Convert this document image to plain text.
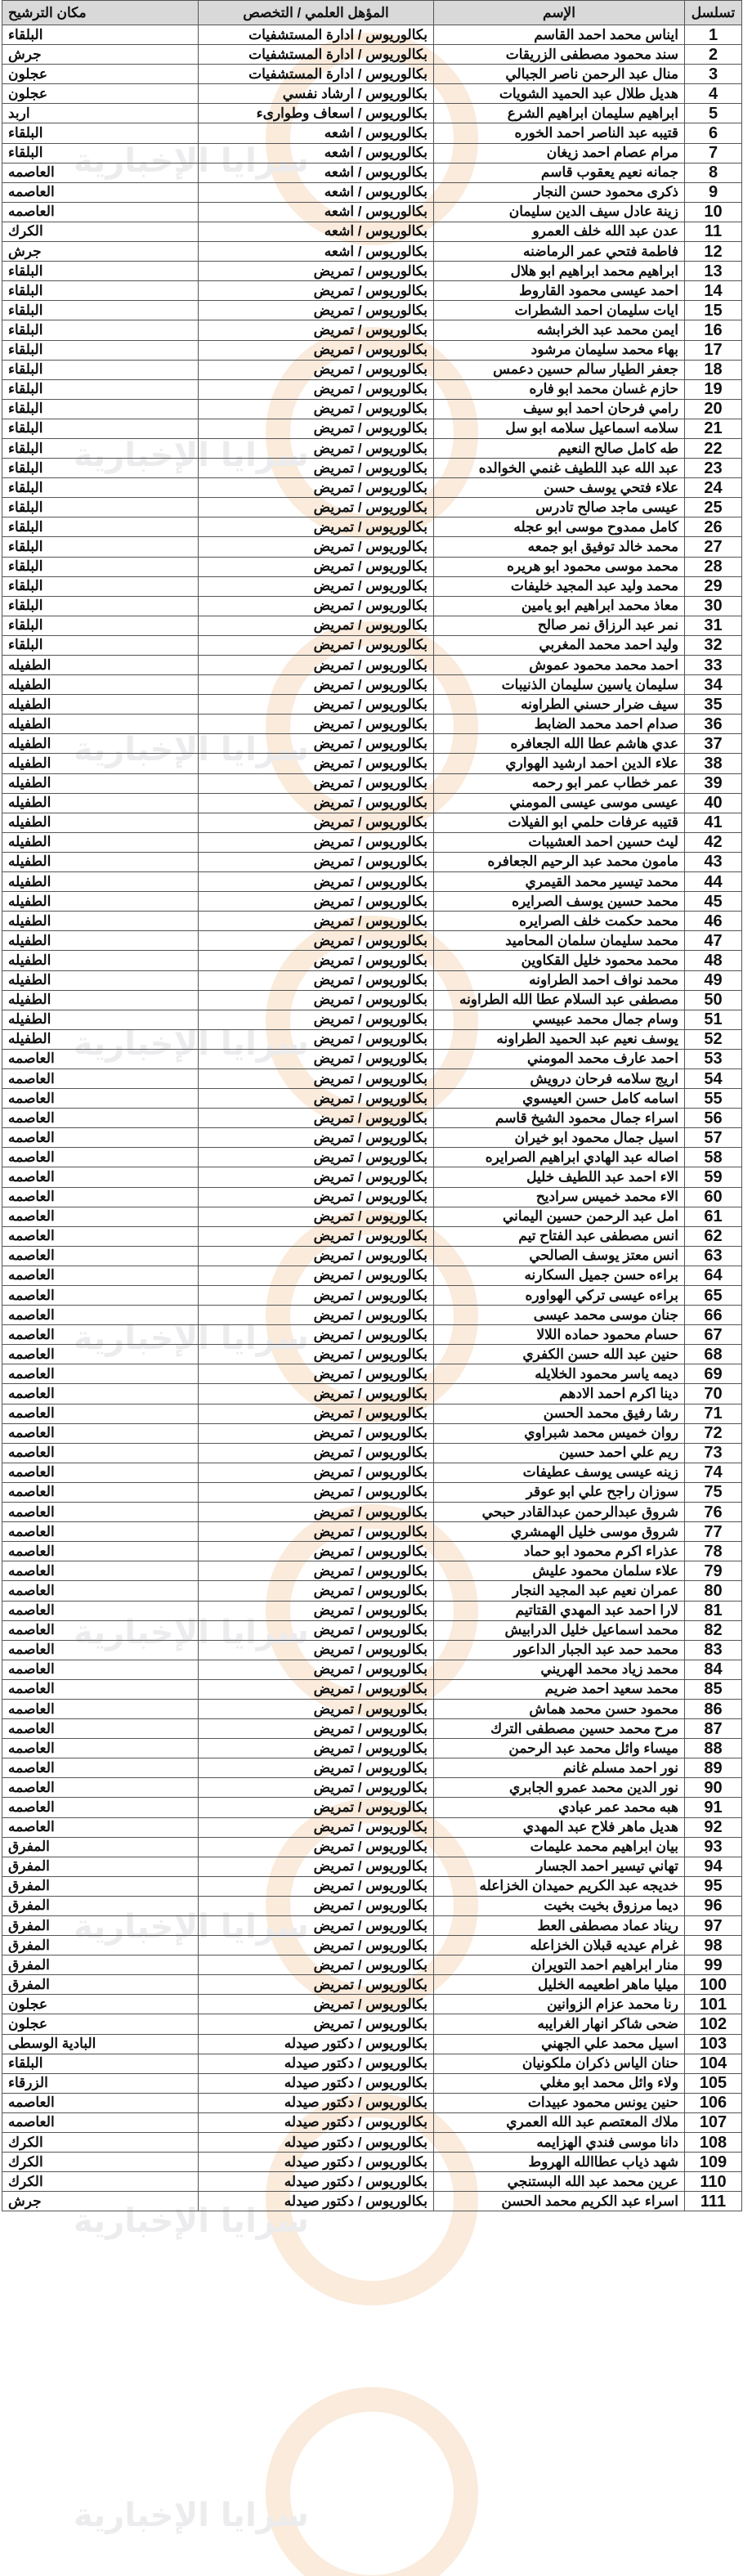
سرايا الإخبارية
سرايا الإخبارية
سرايا الإخبارية
سرايا الإخبارية
سرايا الإخبارية
سرايا الإخبارية
سرايا الإخبارية
سرايا الإخبارية
سرايا الإخبارية
تسلسل	الإسم	المؤهل العلمي / التخصص	مكان الترشيح
1	ايناس محمد احمد القاسم	بكالوريوس / ادارة المستشفيات	البلقاء
2	سند محمود مصطفى الزريقات	بكالوريوس / ادارة المستشفيات	جرش
3	منال عبد الرحمن ناصر الجبالي	بكالوريوس / ادارة المستشفيات	عجلون
4	هديل طلال عبد الحميد الشويات	بكالوريوس / ارشاد نفسي	عجلون
5	ابراهيم سليمان ابراهيم الشرع	بكالوريوس / اسعاف وطوارىء	اربد
6	قتيبه عبد الناصر احمد الخوره	بكالوريوس / اشعه	البلقاء
7	مرام عصام احمد زيغان	بكالوريوس / اشعه	البلقاء
8	جمانه نعيم يعقوب قاسم	بكالوريوس / اشعه	العاصمه
9	ذكرى محمود حسن النجار	بكالوريوس / اشعه	العاصمه
10	زينة عادل سيف الدين سليمان	بكالوريوس / اشعه	العاصمه
11	عدن عبد الله خلف العمرو	بكالوريوس / اشعه	الكرك
12	فاطمة فتحي عمر الرماضنه	بكالوريوس / اشعه	جرش
13	ابراهيم محمد ابراهيم ابو هلال	بكالوريوس / تمريض	البلقاء
14	احمد عيسى محمود القاروط	بكالوريوس / تمريض	البلقاء
15	ايات سليمان احمد الشطرات	بكالوريوس / تمريض	البلقاء
16	ايمن محمد عبد الخرابشه	بكالوريوس / تمريض	البلقاء
17	بهاء محمد سليمان مرشود	بكالوريوس / تمريض	البلقاء
18	جعفر الطيار سالم حسين دعمس	بكالوريوس / تمريض	البلقاء
19	حازم غسان محمد ابو فاره	بكالوريوس / تمريض	البلقاء
20	رامي فرحان احمد ابو سيف	بكالوريوس / تمريض	البلقاء
21	سلامه اسماعيل سلامه ابو سل	بكالوريوس / تمريض	البلقاء
22	طه كامل صالح النعيم	بكالوريوس / تمريض	البلقاء
23	عبد الله عبد اللطيف غنمي الخوالده	بكالوريوس / تمريض	البلقاء
24	علاء فتحي يوسف حسن	بكالوريوس / تمريض	البلقاء
25	عيسى ماجد صالح تادرس	بكالوريوس / تمريض	البلقاء
26	كامل ممدوح موسى ابو عجله	بكالوريوس / تمريض	البلقاء
27	محمد خالد توفيق ابو جمعه	بكالوريوس / تمريض	البلقاء
28	محمد موسى محمود ابو هريره	بكالوريوس / تمريض	البلقاء
29	محمد وليد عبد المجيد خليفات	بكالوريوس / تمريض	البلقاء
30	معاذ محمد ابراهيم ابو يامين	بكالوريوس / تمريض	البلقاء
31	نمر عبد الرزاق نمر صالح	بكالوريوس / تمريض	البلقاء
32	وليد احمد محمد المغربي	بكالوريوس / تمريض	البلقاء
33	احمد محمد محمود عموش	بكالوريوس / تمريض	الطفيله
34	سليمان ياسين سليمان الذنيبات	بكالوريوس / تمريض	الطفيله
35	سيف ضرار حسني الطراونه	بكالوريوس / تمريض	الطفيله
36	صدام احمد محمد الضابط	بكالوريوس / تمريض	الطفيله
37	عدي هاشم عطا الله الجعافره	بكالوريوس / تمريض	الطفيله
38	علاء الدين احمد ارشيد الهواري	بكالوريوس / تمريض	الطفيله
39	عمر خطاب عمر ابو رحمه	بكالوريوس / تمريض	الطفيله
40	عيسى موسى عيسى المومني	بكالوريوس / تمريض	الطفيله
41	قتيبه عرفات حلمي ابو الفيلات	بكالوريوس / تمريض	الطفيله
42	ليث حسين احمد العشيبات	بكالوريوس / تمريض	الطفيله
43	مامون محمد عبد الرحيم الجعافره	بكالوريوس / تمريض	الطفيله
44	محمد تيسير محمد القيمري	بكالوريوس / تمريض	الطفيله
45	محمد حسين يوسف الصرايره	بكالوريوس / تمريض	الطفيله
46	محمد حكمت خلف الصرايره	بكالوريوس / تمريض	الطفيله
47	محمد سليمان سلمان المحاميد	بكالوريوس / تمريض	الطفيله
48	محمد محمود خليل القكاوين	بكالوريوس / تمريض	الطفيله
49	محمد نواف احمد الطراونه	بكالوريوس / تمريض	الطفيله
50	مصطفى عبد السلام عطا الله الطراونه	بكالوريوس / تمريض	الطفيله
51	وسام جمال محمد عبيسي	بكالوريوس / تمريض	الطفيله
52	يوسف نعيم عبد الحميد الطراونه	بكالوريوس / تمريض	الطفيله
53	احمد عارف محمد المومني	بكالوريوس / تمريض	العاصمه
54	اريج سلامه فرحان درويش	بكالوريوس / تمريض	العاصمه
55	اسامه كامل حسن العيسوي	بكالوريوس / تمريض	العاصمه
56	اسراء جمال محمود الشيخ قاسم	بكالوريوس / تمريض	العاصمه
57	اسيل جمال محمود ابو خيران	بكالوريوس / تمريض	العاصمه
58	اصاله عبد الهادي ابراهيم الصرايره	بكالوريوس / تمريض	العاصمه
59	الاء احمد عبد اللطيف خليل	بكالوريوس / تمريض	العاصمه
60	الاء محمد خميس سراديح	بكالوريوس / تمريض	العاصمه
61	امل عبد الرحمن حسين اليماني	بكالوريوس / تمريض	العاصمه
62	انس مصطفى عبد الفتاح تيم	بكالوريوس / تمريض	العاصمه
63	انس معتز يوسف الصالحي	بكالوريوس / تمريض	العاصمه
64	براءه حسن جميل السكارنه	بكالوريوس / تمريض	العاصمه
65	براءه عيسى تركي الهواوره	بكالوريوس / تمريض	العاصمه
66	جنان موسى محمد عيسى	بكالوريوس / تمريض	العاصمه
67	حسام محمود حماده اللالا	بكالوريوس / تمريض	العاصمه
68	حنين عبد الله حسن الكفري	بكالوريوس / تمريض	العاصمه
69	ديمه ياسر محمود الخلايله	بكالوريوس / تمريض	العاصمه
70	دينا اكرم احمد الادهم	بكالوريوس / تمريض	العاصمه
71	رشا رفيق محمد الحسن	بكالوريوس / تمريض	العاصمه
72	روان خميس محمد شبراوي	بكالوريوس / تمريض	العاصمه
73	ريم علي احمد حسين	بكالوريوس / تمريض	العاصمه
74	زينه عيسى يوسف عطيفات	بكالوريوس / تمريض	العاصمه
75	سوزان راجح علي ابو عوقر	بكالوريوس / تمريض	العاصمه
76	شروق عبدالرحمن عبدالقادر حبحي	بكالوريوس / تمريض	العاصمه
77	شروق موسى خليل الهمشري	بكالوريوس / تمريض	العاصمه
78	عذراء اكرم محمود ابو حماد	بكالوريوس / تمريض	العاصمه
79	علاء سلمان محمود عليش	بكالوريوس / تمريض	العاصمه
80	عمران نعيم عبد المجيد النجار	بكالوريوس / تمريض	العاصمه
81	لارا احمد عبد المهدي القتاتيم	بكالوريوس / تمريض	العاصمه
82	محمد اسماعيل خليل الدرابيش	بكالوريوس / تمريض	العاصمه
83	محمد حمد عبد الجبار الداعور	بكالوريوس / تمريض	العاصمه
84	محمد زياد محمد الهريني	بكالوريوس / تمريض	العاصمه
85	محمد سعيد احمد ضريم	بكالوريوس / تمريض	العاصمه
86	محمود حسن محمد هماش	بكالوريوس / تمريض	العاصمه
87	مرح محمد حسين مصطفى الترك	بكالوريوس / تمريض	العاصمه
88	ميساء وائل محمد عبد الرحمن	بكالوريوس / تمريض	العاصمه
89	نور احمد مسلم غانم	بكالوريوس / تمريض	العاصمه
90	نور الدين محمد عمرو الجابري	بكالوريوس / تمريض	العاصمه
91	هبه محمد عمر عبادي	بكالوريوس / تمريض	العاصمه
92	هديل ماهر فلاح عبد المهدي	بكالوريوس / تمريض	العاصمه
93	بيان ابراهيم محمد عليمات	بكالوريوس / تمريض	المفرق
94	تهاني تيسير احمد الجسار	بكالوريوس / تمريض	المفرق
95	خديجه عبد الكريم حميدان الخزاعله	بكالوريوس / تمريض	المفرق
96	ديما مرزوق بخيت بخيت	بكالوريوس / تمريض	المفرق
97	ريناد عماد مصطفى العط	بكالوريوس / تمريض	المفرق
98	غرام عيديه قبلان الخزاعله	بكالوريوس / تمريض	المفرق
99	منار ابراهيم احمد التويران	بكالوريوس / تمريض	المفرق
100	ميليا ماهر اطعيمه الخليل	بكالوريوس / تمريض	المفرق
101	رنا محمد عزام الزوانين	بكالوريوس / تمريض	عجلون
102	ضحى شاكر انهار الغرايبه	بكالوريوس / تمريض	عجلون
103	اسيل محمد علي الجهني	بكالوريوس / دكتور صيدله	البادية الوسطى
104	حنان الياس ذكران ملكونيان	بكالوريوس / دكتور صيدله	البلقاء
105	ولاء وائل محمد ابو مغلي	بكالوريوس / دكتور صيدله	الزرقاء
106	حنين يونس محمود عبيدات	بكالوريوس / دكتور صيدله	العاصمه
107	ملاك المعتصم عبد الله العمري	بكالوريوس / دكتور صيدله	العاصمه
108	دانا موسى فندي الهزايمه	بكالوريوس / دكتور صيدله	الكرك
109	شهد ذياب عطاالله الهروط	بكالوريوس / دكتور صيدله	الكرك
110	عرين محمد عبد الله البستنجي	بكالوريوس / دكتور صيدله	الكرك
111	اسراء عبد الكريم محمد الحسن	بكالوريوس / دكتور صيدله	جرش
